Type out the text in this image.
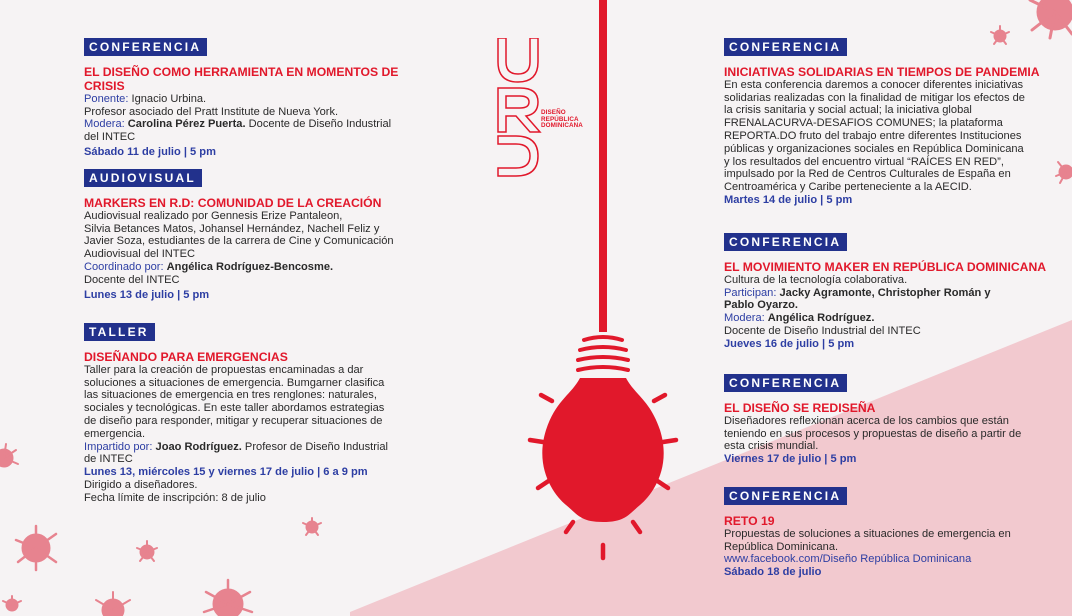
DISEÑO
REPÚBLICA
DOMINICANA
CONFERENCIA
EL DISEÑO COMO HERRAMIENTA EN MOMENTOS DE CRISIS
Ponente: Ignacio Urbina.
Profesor asociado del Pratt Institute de Nueva York.
Modera: Carolina Pérez Puerta. Docente de Diseño Industrial
del INTEC
Sábado 11 de julio | 5 pm
AUDIOVISUAL
MARKERS EN R.D: COMUNIDAD DE LA CREACIÓN
Audiovisual realizado por Gennesis Erize Pantaleon,
Silvia Betances Matos, Johansel Hernández, Nachell Feliz y
Javier Soza, estudiantes de la carrera de Cine y Comunicación
Audiovisual del INTEC
Coordinado por: Angélica Rodríguez-Bencosme.
Docente del INTEC
Lunes 13 de julio | 5 pm
TALLER
DISEÑANDO PARA EMERGENCIAS
Taller para la creación de propuestas encaminadas a dar
soluciones a situaciones de emergencia. Bumgarner clasifica
las situaciones de emergencia en tres renglones: naturales,
sociales y tecnológicas. En este taller abordamos estrategias
de diseño para responder, mitigar y recuperar situaciones de
emergencia.
Impartido por: Joao Rodríguez. Profesor de Diseño Industrial
de INTEC
Lunes 13, miércoles 15 y viernes 17 de julio | 6 a 9 pm
Dirigido a diseñadores.
Fecha límite de inscripción: 8 de julio
CONFERENCIA
INICIATIVAS SOLIDARIAS EN TIEMPOS DE PANDEMIA
En esta conferencia daremos a conocer diferentes iniciativas
solidarias realizadas con la finalidad de mitigar los efectos de
la crisis sanitaria y social actual; la iniciativa global
FRENALACURVA-DESAFIOS COMUNES; la plataforma
REPORTA.DO fruto del trabajo entre diferentes Instituciones
públicas y organizaciones sociales en República Dominicana
y los resultados del encuentro virtual “RAÍCES EN RED”,
impulsado por la Red de Centros Culturales de España en
Centroamérica y Caribe perteneciente a la AECID.
Martes 14 de julio | 5 pm
CONFERENCIA
EL MOVIMIENTO MAKER EN REPÚBLICA DOMINICANA
Cultura de la tecnología colaborativa.
Participan: Jacky Agramonte, Christopher Román y
Pablo Oyarzo.
Modera: Angélica Rodríguez.
Docente de Diseño Industrial del INTEC
Jueves 16 de julio | 5 pm
CONFERENCIA
EL DISEÑO SE REDISEÑA
Diseñadores reflexionan acerca de los cambios que están
teniendo en sus procesos y propuestas de diseño a partir de
esta crisis mundial.
Viernes 17 de julio | 5 pm
CONFERENCIA
RETO 19
Propuestas de soluciones a situaciones de emergencia en
República Dominicana.
www.facebook.com/Diseño República Dominicana
Sábado 18 de julio
